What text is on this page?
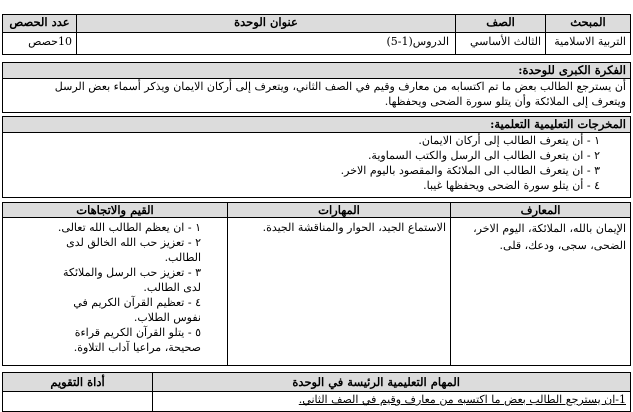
المبحث
الصف
عنوان الوحدة
عدد الحصص
التربية الاسلامية
الثالث الأساسي
الدروس(1-5)
10حصص
الفكرة الكبرى للوحدة:
أن يسترجع الطالب بعض ما تم اكتسابه من معارف وقيم في الصف الثاني، ويتعرف إلى أركان الايمان ويذكر أسماء بعض الرسل
ويتعرف إلى الملائكة وأن يتلو سورة الضحى ويحفظها.
المخرجات التعليمية التعلمية:
١ - أن يتعرف الطالب إلى أركان الايمان.
٢ - ان يتعرف الطالب الى الرسل والكتب السماوية.
٣ - ان يتعرف الطالب الى الملائكة والمقصود باليوم الاخر.
٤ - أن يتلو سورة الضحى ويحفظها غيبا.
المعارف
المهارات
القيم والاتجاهات
الإيمان بالله، الملائكة، اليوم الاخر، الضحى، سجى، ودعك، قلى.
الاستماع الجيد، الحوار والمناقشة الجيدة.
١ - ان يعظم الطالب الله تعالى.
٢ - تعزيز حب الله الخالق لدى الطالب.
٣ - تعزيز حب الرسل والملائكة لدى الطالب.
٤ - تعظيم القرآن الكريم في نفوس الطلاب.
٥ - يتلو القرآن الكريم قراءة صحيحة، مراعيا آداب التلاوة.
المهام التعليمية الرئيسة في الوحدة
أداة التقويم
1-ان يسترجع الطالب بعض ما اكتسبه من معارف وقيم في الصف الثاني.
